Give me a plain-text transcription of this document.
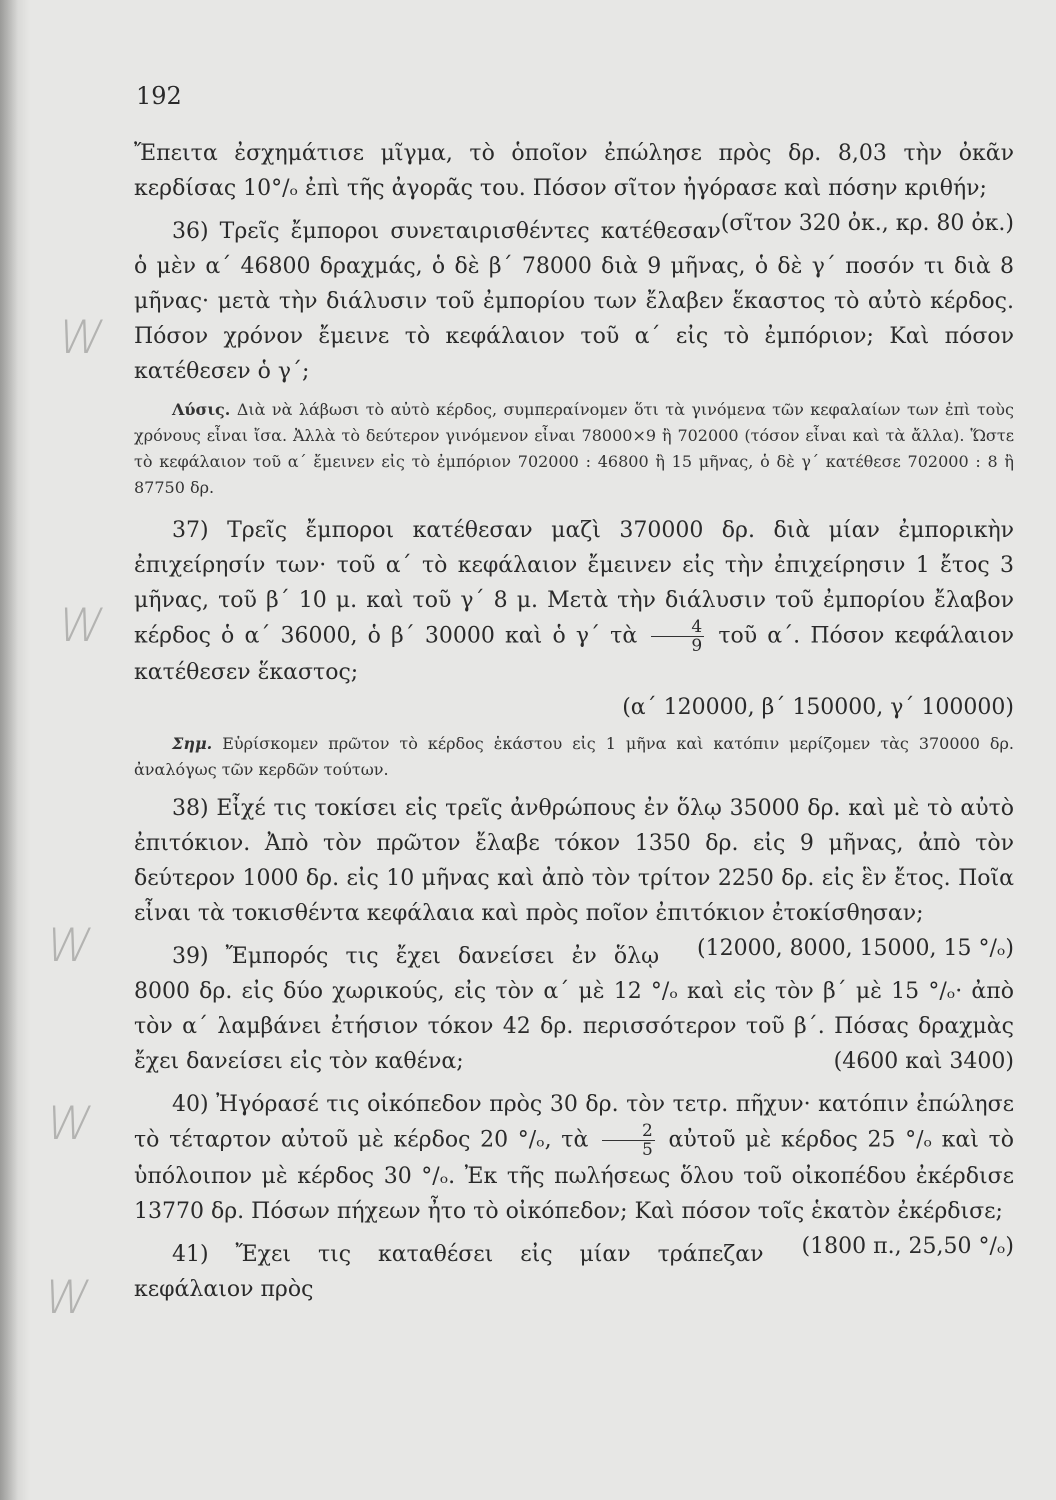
192
W
W
W
W
W

Ἔπειτα ἐσχημάτισε μῖγμα, τὸ ὁποῖον ἐπώλησε πρὸς δρ. 8,03 τὴν ὀκᾶν κερδίσας 10°/ₒ ἐπὶ τῆς ἀγορᾶς του. Πόσον σῖτον ἠγόρασε καὶ πόσην κριθήν;
(σῖτον 320 ὀκ., κρ. 80 ὀκ.)

36) Τρεῖς ἔμποροι συνεταιρισθέντες κατέθεσαν ὁ μὲν α΄ 46800 δραχμάς, ὁ δὲ β΄ 78000 διὰ 9 μῆνας, ὁ δὲ γ΄ ποσόν τι διὰ 8 μῆνας· μετὰ τὴν διάλυσιν τοῦ ἐμπορίου των ἔλαβεν ἕκαστος τὸ αὐτὸ κέρδος. Πόσον χρόνον ἔμεινε τὸ κεφάλαιον τοῦ α΄ εἰς τὸ ἐμπόριον; Καὶ πόσον κατέθεσεν ὁ γ΄;

Λύσις. Διὰ νὰ λάβωσι τὸ αὐτὸ κέρδος, συμπεραίνομεν ὅτι τὰ γινόμενα τῶν κεφαλαίων των ἐπὶ τοὺς χρόνους εἶναι ἴσα. Ἀλλὰ τὸ δεύτερον γινόμενον εἶναι 78000×9 ἢ 702000 (τόσον εἶναι καὶ τὰ ἄλλα). Ὥστε τὸ κεφάλαιον τοῦ α΄ ἔμεινεν εἰς τὸ ἐμπόριον 702000 : 46800 ἢ 15 μῆνας, ὁ δὲ γ΄ κατέθεσε 702000 : 8 ἢ 87750 δρ.

37) Τρεῖς ἔμποροι κατέθεσαν μαζὶ 370000 δρ. διὰ μίαν ἐμπορικὴν ἐπιχείρησίν των· τοῦ α΄ τὸ κεφάλαιον ἔμεινεν εἰς τὴν ἐπιχείρησιν 1 ἔτος 3 μῆνας, τοῦ β΄ 10 μ. καὶ τοῦ γ΄ 8 μ. Μετὰ τὴν διάλυσιν τοῦ ἐμπορίου ἔλαβον κέρδος ὁ α΄ 36000, ὁ β΄ 30000 καὶ ὁ γ΄ τὰ $\frac{4}{9}$ τοῦ α΄. Πόσον κεφάλαιον κατέθεσεν ἕκαστος;

(α΄ 120000, β΄ 150000, γ΄ 100000)

Σημ. Εὑρίσκομεν πρῶτον τὸ κέρδος ἑκάστου εἰς 1 μῆνα καὶ κατόπιν μερίζομεν τὰς 370000 δρ. ἀναλόγως τῶν κερδῶν τούτων.

38) Εἶχέ τις τοκίσει εἰς τρεῖς ἀνθρώπους ἐν ὅλῳ 35000 δρ. καὶ μὲ τὸ αὐτὸ ἐπιτόκιον. Ἀπὸ τὸν πρῶτον ἔλαβε τόκον 1350 δρ. εἰς 9 μῆνας, ἀπὸ τὸν δεύτερον 1000 δρ. εἰς 10 μῆνας καὶ ἀπὸ τὸν τρίτον 2250 δρ. εἰς ἓν ἔτος. Ποῖα εἶναι τὰ τοκισθέντα κεφάλαια καὶ πρὸς ποῖον ἐπιτόκιον ἐτοκίσθησαν;
(12000, 8000, 15000, 15 °/ₒ)

39) Ἔμπορός τις ἔχει δανείσει ἐν ὅλῳ 8000 δρ. εἰς δύο χωρικούς, εἰς τὸν α΄ μὲ 12 °/ₒ καὶ εἰς τὸν β΄ μὲ 15 °/ₒ· ἀπὸ τὸν α΄ λαμβάνει ἐτήσιον τόκον 42 δρ. περισσότερον τοῦ β΄. Πόσας δραχμὰς ἔχει δανείσει εἰς τὸν καθένα;	(4600 καὶ 3400)

40) Ἠγόρασέ τις οἰκόπεδον πρὸς 30 δρ. τὸν τετρ. πῆχυν· κατόπιν ἐπώλησε τὸ τέταρτον αὐτοῦ μὲ κέρδος 20 °/ₒ, τὰ $\frac{2}{5}$ αὐτοῦ μὲ κέρδος 25 °/ₒ καὶ τὸ ὑπόλοιπον μὲ κέρδος 30 °/ₒ. Ἐκ τῆς πωλήσεως ὅλου τοῦ οἰκοπέδου ἐκέρδισε 13770 δρ. Πόσων πήχεων ἦτο τὸ οἰκόπεδον; Καὶ πόσον τοῖς ἑκατὸν ἐκέρδισε;
(1800 π., 25,50 °/ₒ)

41) Ἔχει τις καταθέσει εἰς μίαν τράπεζαν κεφάλαιον πρὸς
